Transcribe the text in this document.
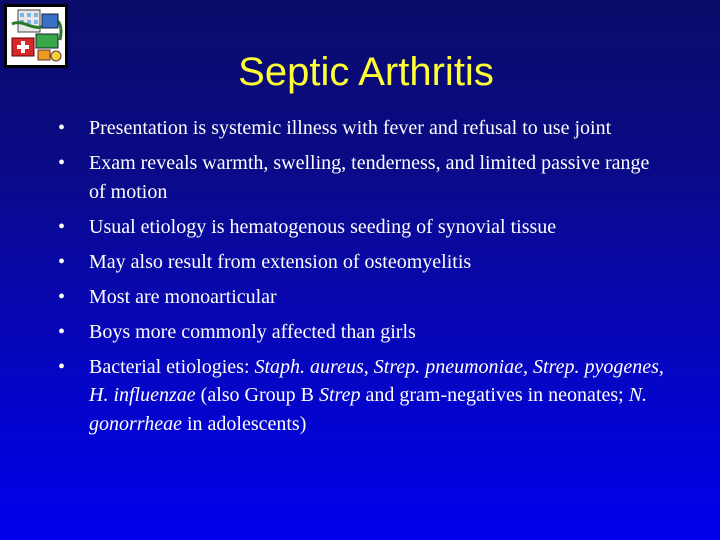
Septic Arthritis
• Presentation is systemic illness with fever and refusal to use joint
• Exam reveals warmth, swelling, tenderness, and limited passive range of motion
• Usual etiology is hematogenous seeding of synovial tissue
• May also result from extension of osteomyelitis
• Most are monoarticular
• Boys more commonly affected than girls
• Bacterial etiologies: Staph. aureus, Strep. pneumoniae, Strep. pyogenes, H. influenzae (also Group B Strep and gram-negatives in neonates; N. gonorrheae in adolescents)
